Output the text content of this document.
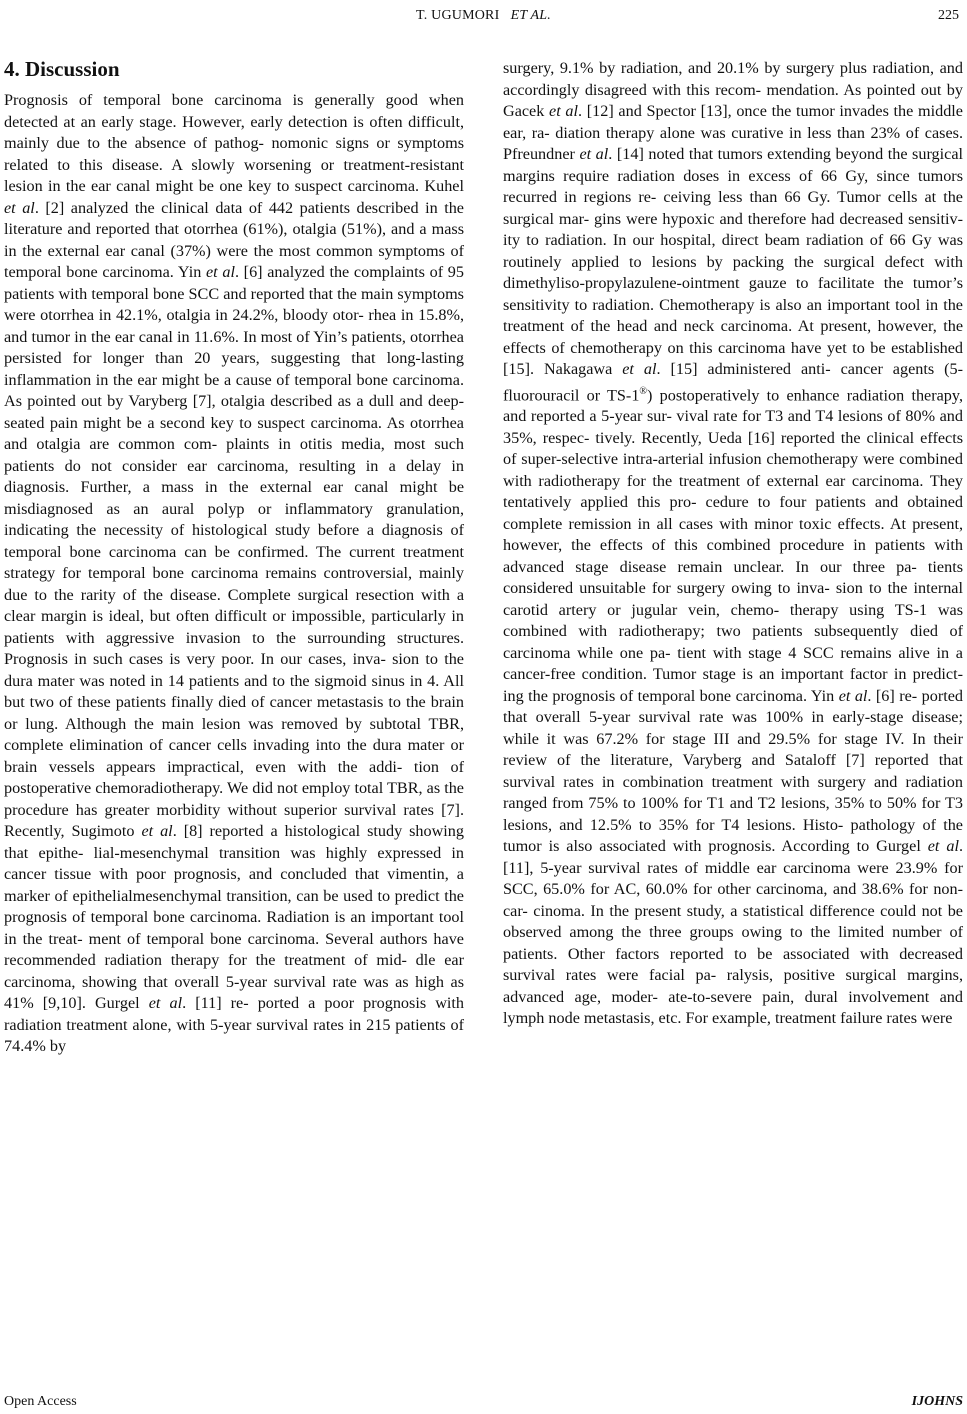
T. UGUMORI ET AL.	225
4. Discussion

Prognosis of temporal bone carcinoma is generally good when detected at an early stage. However, early detection is often difficult, mainly due to the absence of pathog- nomonic signs or symptoms related to this disease. A slowly worsening or treatment-resistant lesion in the ear canal might be one key to suspect carcinoma. Kuhel et al. [2] analyzed the clinical data of 442 patients described in the literature and reported that otorrhea (61%), otalgia (51%), and a mass in the external ear canal (37%) were the most common symptoms of temporal bone carcinoma. Yin et al. [6] analyzed the complaints of 95 patients with temporal bone SCC and reported that the main symptoms were otorrhea in 42.1%, otalgia in 24.2%, bloody otor- rhea in 15.8%, and tumor in the ear canal in 11.6%. In most of Yin’s patients, otorrhea persisted for longer than 20 years, suggesting that long-lasting inflammation in the ear might be a cause of temporal bone carcinoma. As pointed out by Varyberg [7], otalgia described as a dull and deep-seated pain might be a second key to suspect carcinoma. As otorrhea and otalgia are common com- plaints in otitis media, most such patients do not consider ear carcinoma, resulting in a delay in diagnosis. Further, a mass in the external ear canal might be misdiagnosed as an aural polyp or inflammatory granulation, indicating the necessity of histological study before a diagnosis of temporal bone carcinoma can be confirmed. The current treatment strategy for temporal bone carcinoma remains controversial, mainly due to the rarity of the disease. Complete surgical resection with a clear margin is ideal, but often difficult or impossible, particularly in patients with aggressive invasion to the surrounding structures. Prognosis in such cases is very poor. In our cases, inva- sion to the dura mater was noted in 14 patients and to the sigmoid sinus in 4. All but two of these patients finally died of cancer metastasis to the brain or lung. Although the main lesion was removed by subtotal TBR, complete elimination of cancer cells invading into the dura mater or brain vessels appears impractical, even with the addi- tion of postoperative chemoradiotherapy. We did not employ total TBR, as the procedure has greater morbidity without superior survival rates [7]. Recently, Sugimoto et al. [8] reported a histological study showing that epithe- lial-mesenchymal transition was highly expressed in cancer tissue with poor prognosis, and concluded that vimentin, a marker of epithelialmesenchymal transition, can be used to predict the prognosis of temporal bone carcinoma. Radiation is an important tool in the treat- ment of temporal bone carcinoma. Several authors have recommended radiation therapy for the treatment of mid- dle ear carcinoma, showing that overall 5-year survival rate was as high as 41% [9,10]. Gurgel et al. [11] re- ported a poor prognosis with radiation treatment alone, with 5-year survival rates in 215 patients of 74.4% by

surgery, 9.1% by radiation, and 20.1% by surgery plus radiation, and accordingly disagreed with this recom- mendation. As pointed out by Gacek et al. [12] and Spector [13], once the tumor invades the middle ear, ra- diation therapy alone was curative in less than 23% of cases. Pfreundner et al. [14] noted that tumors extending beyond the surgical margins require radiation doses in excess of 66 Gy, since tumors recurred in regions re- ceiving less than 66 Gy. Tumor cells at the surgical mar- gins were hypoxic and therefore had decreased sensitiv- ity to radiation. In our hospital, direct beam radiation of 66 Gy was routinely applied to lesions by packing the surgical defect with dimethyliso-propylazulene-ointment gauze to facilitate the tumor’s sensitivity to radiation. Chemotherapy is also an important tool in the treatment of the head and neck carcinoma. At present, however, the effects of chemotherapy on this carcinoma have yet to be established [15]. Nakagawa et al. [15] administered anti- cancer agents (5-fluorouracil or TS-1®) postoperatively to enhance radiation therapy, and reported a 5-year sur- vival rate for T3 and T4 lesions of 80% and 35%, respec- tively. Recently, Ueda [16] reported the clinical effects of super-selective intra-arterial infusion chemotherapy were combined with radiotherapy for the treatment of external ear carcinoma. They tentatively applied this pro- cedure to four patients and obtained complete remission in all cases with minor toxic effects. At present, however, the effects of this combined procedure in patients with advanced stage disease remain unclear. In our three pa- tients considered unsuitable for surgery owing to inva- sion to the internal carotid artery or jugular vein, chemo- therapy using TS-1 was combined with radiotherapy; two patients subsequently died of carcinoma while one pa- tient with stage 4 SCC remains alive in a cancer-free condition. Tumor stage is an important factor in predict- ing the prognosis of temporal bone carcinoma. Yin et al. [6] re- ported that overall 5-year survival rate was 100% in early-stage disease; while it was 67.2% for stage III and 29.5% for stage IV. In their review of the literature, Varyberg and Sataloff [7] reported that survival rates in combination treatment with surgery and radiation ranged from 75% to 100% for T1 and T2 lesions, 35% to 50% for T3 lesions, and 12.5% to 35% for T4 lesions. Histo- pathology of the tumor is also associated with prognosis. According to Gurgel et al. [11], 5-year survival rates of middle ear carcinoma were 23.9% for SCC, 65.0% for AC, 60.0% for other carcinoma, and 38.6% for non-car- cinoma. In the present study, a statistical difference could not be observed among the three groups owing to the limited number of patients. Other factors reported to be associated with decreased survival rates were facial pa- ralysis, positive surgical margins, advanced age, moder- ate-to-severe pain, dural involvement and lymph node metastasis, etc. For example, treatment failure rates were

Open Access	IJOHNS
